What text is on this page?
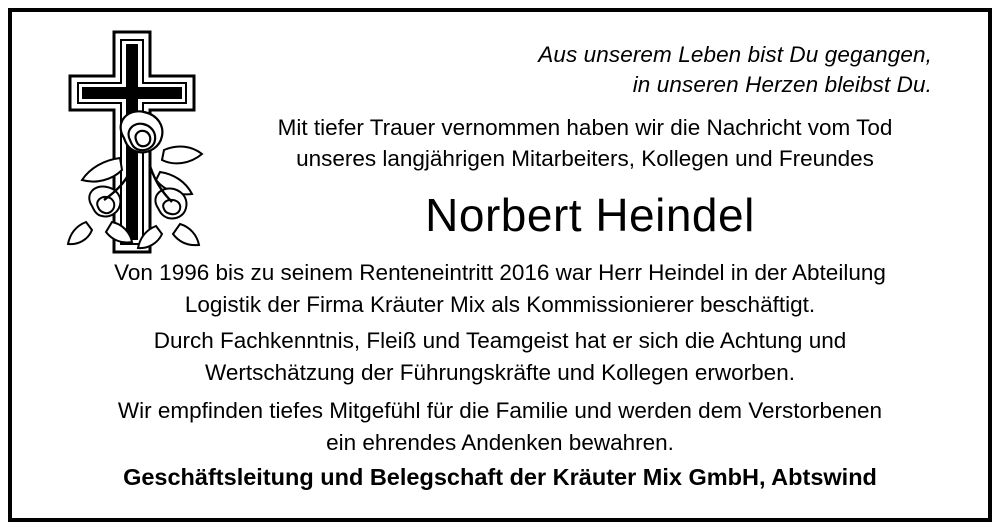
Aus unserem Leben bist Du gegangen,
in unseren Herzen bleibst Du.
Mit tiefer Trauer vernommen haben wir die Nachricht vom Tod
unseres langjährigen Mitarbeiters, Kollegen und Freundes
Norbert Heindel
Von 1996 bis zu seinem Renteneintritt 2016 war Herr Heindel in der Abteilung
Logistik der Firma Kräuter Mix als Kommissionierer beschäftigt.
Durch Fachkenntnis, Fleiß und Teamgeist hat er sich die Achtung und
Wertschätzung der Führungskräfte und Kollegen erworben.
Wir empfinden tiefes Mitgefühl für die Familie und werden dem Verstorbenen
ein ehrendes Andenken bewahren.
Geschäftsleitung und Belegschaft der Kräuter Mix GmbH, Abtswind
